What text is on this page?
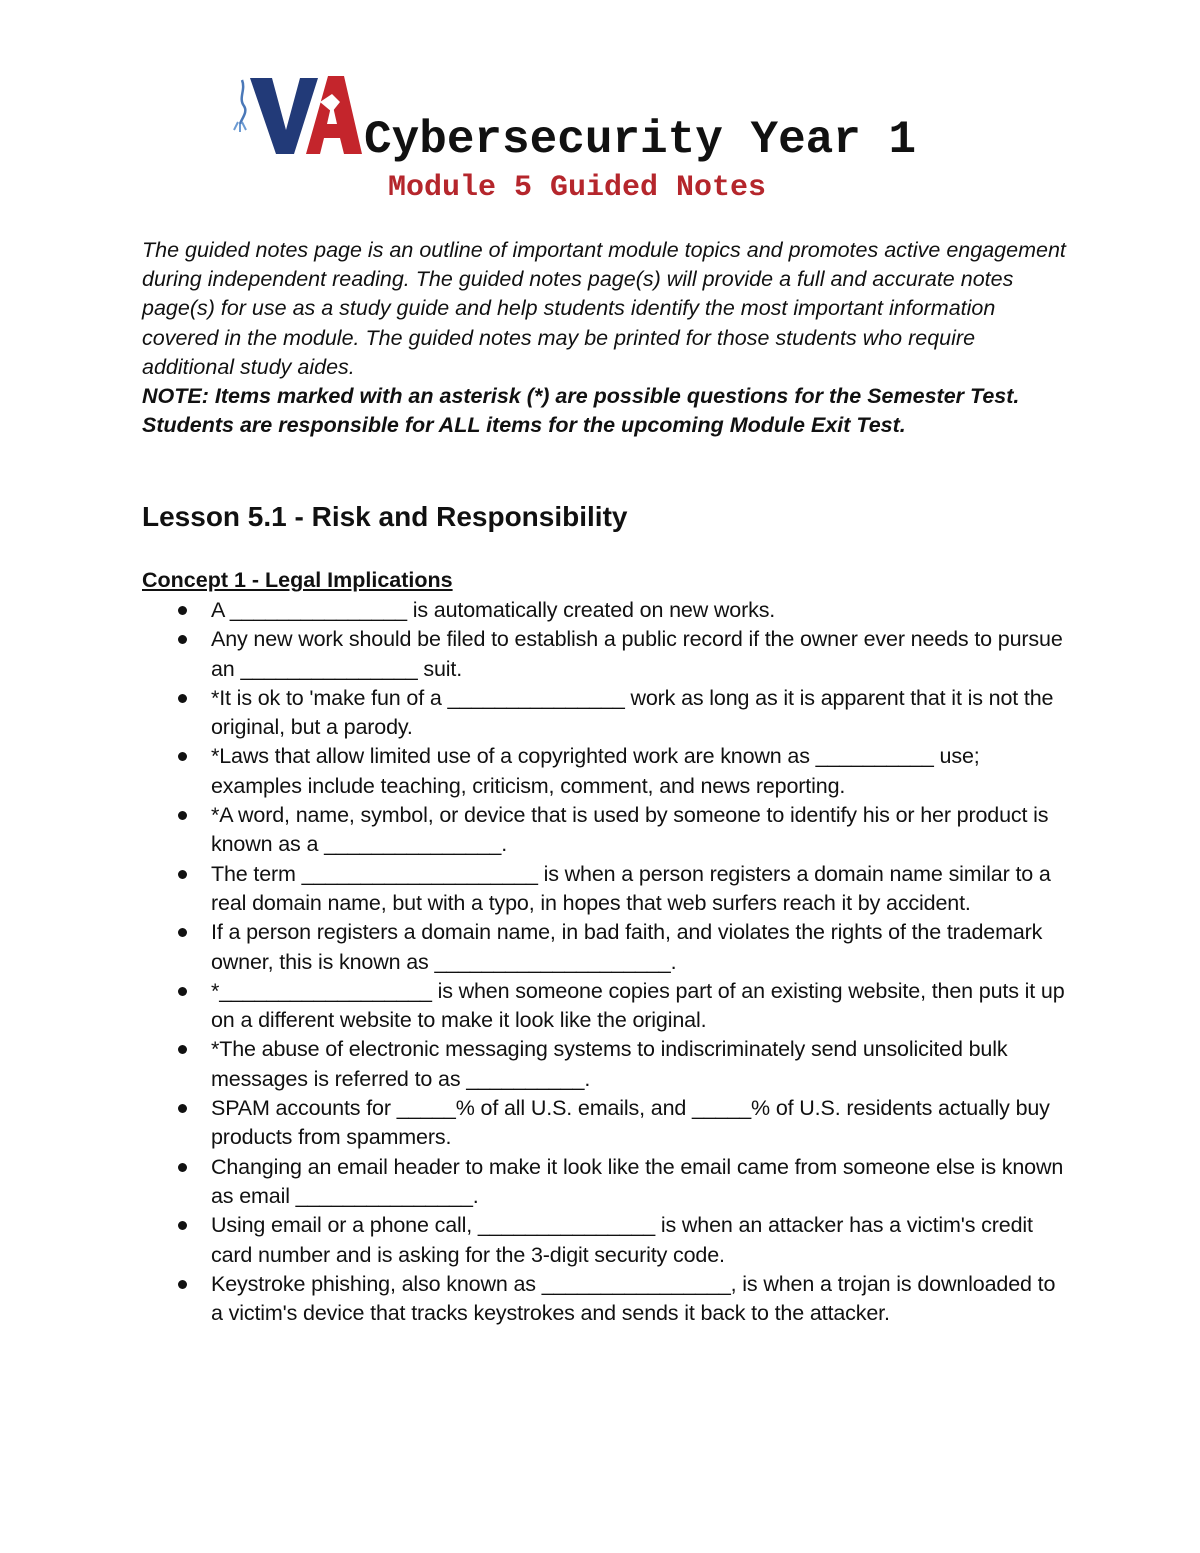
Cybersecurity Year 1
Module 5 Guided Notes

The guided notes page is an outline of important module topics and promotes active engagement during independent reading. The guided notes page(s) will provide a full and accurate notes page(s) for use as a study guide and help students identify the most important information covered in the module. The guided notes may be printed for those students who require additional study aides.

NOTE: Items marked with an asterisk (*) are possible questions for the Semester Test. Students are responsible for ALL items for the upcoming Module Exit Test.

Lesson 5.1 - Risk and Responsibility
Concept 1 - Legal Implications
A _______________ is automatically created on new works.
Any new work should be filed to establish a public record if the owner ever needs to pursue an _______________ suit.
*It is ok to 'make fun of a _______________ work as long as it is apparent that it is not the original, but a parody.
*Laws that allow limited use of a copyrighted work are known as __________ use; examples include teaching, criticism, comment, and news reporting.
*A word, name, symbol, or device that is used by someone to identify his or her product is known as a _______________.
The term ____________________ is when a person registers a domain name similar to a real domain name, but with a typo, in hopes that web surfers reach it by accident.
If a person registers a domain name, in bad faith, and violates the rights of the trademark owner, this is known as ____________________.
*__________________ is when someone copies part of an existing website, then puts it up on a different website to make it look like the original.
*The abuse of electronic messaging systems to indiscriminately send unsolicited bulk messages is referred to as __________.
SPAM accounts for _____% of all U.S. emails, and _____% of U.S. residents actually buy products from spammers.
Changing an email header to make it look like the email came from someone else is known as email _______________.
Using email or a phone call, _______________ is when an attacker has a victim's credit card number and is asking for the 3-digit security code.
Keystroke phishing, also known as ________________, is when a trojan is downloaded to a victim's device that tracks keystrokes and sends it back to the attacker.
